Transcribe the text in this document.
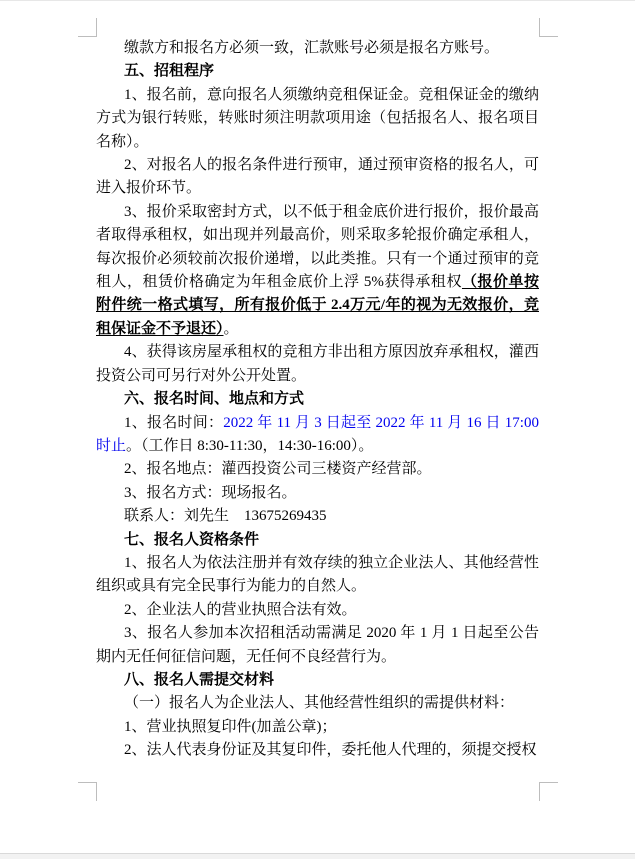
缴款方和报名方必须一致，汇款账号必须是报名方账号。

五、招租程序

1、报名前，意向报名人须缴纳竞租保证金。竞租保证金的缴纳方式为银行转账，转账时须注明款项用途（包括报名人、报名项目名称）。

2、对报名人的报名条件进行预审，通过预审资格的报名人，可进入报价环节。

3、报价采取密封方式，以不低于租金底价进行报价，报价最高者取得承租权，如出现并列最高价，则采取多轮报价确定承租人，每次报价必须较前次报价递增，以此类推。只有一个通过预审的竞租人，租赁价格确定为年租金底价上浮 5%获得承租权（报价单按附件统一格式填写，所有报价低于 2.4万元/年的视为无效报价，竞租保证金不予退还）。

4、获得该房屋承租权的竞租方非出租方原因放弃承租权，灌西投资公司可另行对外公开处置。

六、报名时间、地点和方式

1、报名时间：2022 年 11 月 3 日起至 2022 年 11 月 16 日 17:00 时止。（工作日 8:30-11:30，14:30-16:00）。

2、报名地点：灌西投资公司三楼资产经营部。

3、报名方式：现场报名。

联系人：刘先生　13675269435

七、报名人资格条件

1、报名人为依法注册并有效存续的独立企业法人、其他经营性组织或具有完全民事行为能力的自然人。

2、企业法人的营业执照合法有效。

3、报名人参加本次招租活动需满足 2020 年 1 月 1 日起至公告期内无任何征信问题，无任何不良经营行为。

八、报名人需提交材料

（一）报名人为企业法人、其他经营性组织的需提供材料：

1、营业执照复印件(加盖公章)；

2、法人代表身份证及其复印件，委托他人代理的，须提交授权
